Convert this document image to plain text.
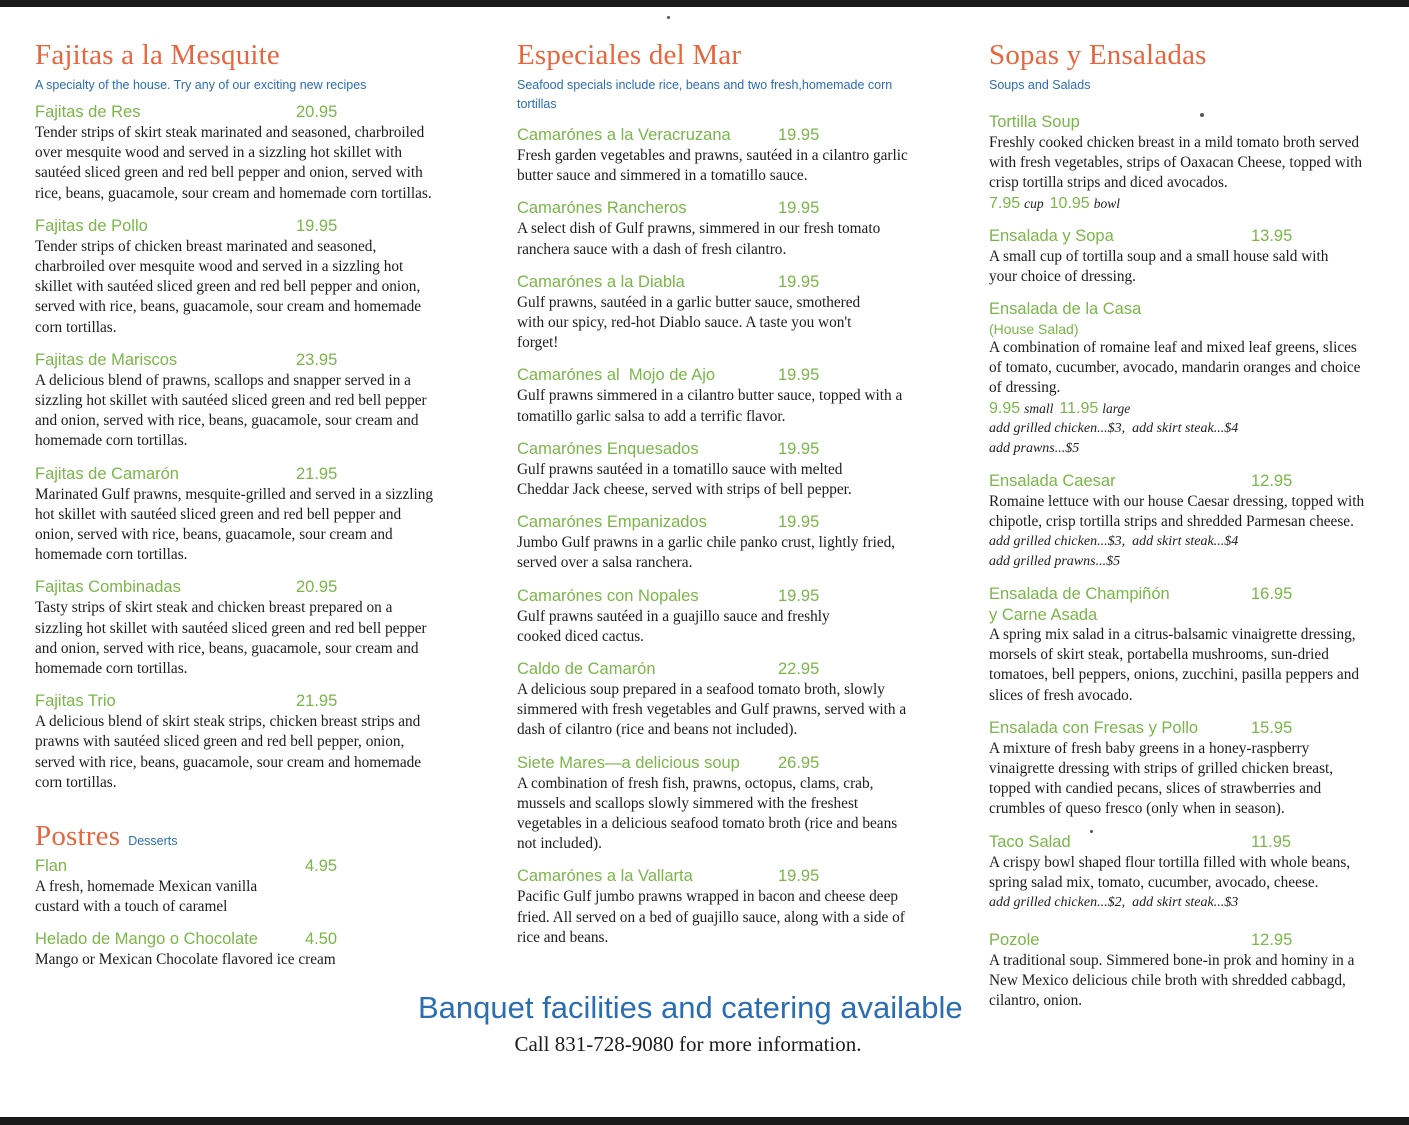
Fajitas a la Mesquite
A specialty of the house. Try any of our exciting new recipes
Fajitas de Res	20.95
Tender strips of skirt steak marinated and seasoned, charbroiled over mesquite wood and served in a sizzling hot skillet with sautéed sliced green and red bell pepper and onion, served with rice, beans, guacamole, sour cream and homemade corn tortillas.
Fajitas de Pollo	19.95
Tender strips of chicken breast marinated and seasoned, charbroiled over mesquite wood and served in a sizzling hot skillet with sautéed sliced green and red bell pepper and onion, served with rice, beans, guacamole, sour cream and homemade corn tortillas.
Fajitas de Mariscos	23.95
A delicious blend of prawns, scallops and snapper served in a sizzling hot skillet with sautéed sliced green and red bell pepper and onion, served with rice, beans, guacamole, sour cream and homemade corn tortillas.
Fajitas de Camarón	21.95
Marinated Gulf prawns, mesquite-grilled and served in a sizzling hot skillet with sautéed sliced green and red bell pepper and onion, served with rice, beans, guacamole, sour cream and homemade corn tortillas.
Fajitas Combinadas	20.95
Tasty strips of skirt steak and chicken breast prepared on a sizzling hot skillet with sautéed sliced green and red bell pepper and onion, served with rice, beans, guacamole, sour cream and homemade corn tortillas.
Fajitas Trio	21.95
A delicious blend of skirt steak strips, chicken breast strips and prawns with sautéed sliced green and red bell pepper, onion, served with rice, beans, guacamole, sour cream and homemade corn tortillas.
Postres Desserts
Flan	4.95
A fresh, homemade Mexican vanilla custard with a touch of caramel
Helado de Mango o Chocolate	4.50
Mango or Mexican Chocolate flavored ice cream
Especiales del Mar
Seafood specials include rice, beans and two fresh,homemade corn tortillas
Camarónes a la Veracruzana	19.95
Fresh garden vegetables and prawns, sautéed in a cilantro garlic butter sauce and simmered in a tomatillo sauce.
Camarónes Rancheros	19.95
A select dish of Gulf prawns, simmered in our fresh tomato ranchera sauce with a dash of fresh cilantro.
Camarónes a la Diabla	19.95
Gulf prawns, sautéed in a garlic butter sauce, smothered with our spicy, red-hot Diablo sauce. A taste you won't forget!
Camarónes al  Mojo de Ajo	19.95
Gulf prawns simmered in a cilantro butter sauce, topped with a tomatillo garlic salsa to add a terrific flavor.
Camarónes Enquesados	19.95
Gulf prawns sautéed in a tomatillo sauce with melted Cheddar Jack cheese, served with strips of bell pepper.
Camarónes Empanizados	19.95
Jumbo Gulf prawns in a garlic chile panko crust, lightly fried, served over a salsa ranchera.
Camarónes con Nopales	19.95
Gulf prawns sautéed in a guajillo sauce and freshly cooked diced cactus.
Caldo de Camarón	22.95
A delicious soup prepared in a seafood tomato broth, slowly simmered with fresh vegetables and Gulf prawns, served with a dash of cilantro (rice and beans not included).
Siete Mares—a delicious soup 26.95
A combination of fresh fish, prawns, octopus, clams, crab, mussels and scallops slowly simmered with the freshest vegetables in a delicious seafood tomato broth (rice and beans not included).
Camarónes a la Vallarta	19.95
Pacific Gulf jumbo prawns wrapped in bacon and cheese deep fried. All served on a bed of guajillo sauce, along with a side of rice and beans.
Banquet facilities and catering available
Call 831-728-9080 for more information.
Sopas y Ensaladas
Soups and Salads
Tortilla Soup
Freshly cooked chicken breast in a mild tomato broth served with fresh vegetables, strips of Oaxacan Cheese, topped with crisp tortilla strips and diced avocados.
7.95 cup 10.95 bowl
Ensalada y Sopa	13.95
A small cup of tortilla soup and a small house sald with your choice of dressing.
Ensalada de la Casa
(House Salad)
A combination of romaine leaf and mixed leaf greens, slices of tomato, cucumber, avocado, mandarin oranges and choice of dressing.
9.95 small 11.95 large
add grilled chicken...$3,  add skirt steak...$4
add prawns...$5
Ensalada Caesar	12.95
Romaine lettuce with our house Caesar dressing, topped with chipotle, crisp tortilla strips and shredded Parmesan cheese.
add grilled chicken...$3,  add skirt steak...$4
add grilled prawns...$5
Ensalada de Champiñón	16.95
y Carne Asada
A spring mix salad in a citrus-balsamic vinaigrette dressing, morsels of skirt steak, portabella mushrooms, sun-dried tomatoes, bell peppers, onions, zucchini, pasilla peppers and slices of fresh avocado.
Ensalada con Fresas y Pollo	15.95
A mixture of fresh baby greens in a honey-raspberry vinaigrette dressing with strips of grilled chicken breast, topped with candied pecans, slices of strawberries and crumbles of queso fresco (only when in season).
Taco Salad	11.95
A crispy bowl shaped flour tortilla filled with whole beans, spring salad mix, tomato, cucumber, avocado, cheese.
add grilled chicken...$2,  add skirt steak...$3
Pozole	12.95
A traditional soup. Simmered bone-in prok and hominy in a New Mexico delicious chile broth with shredded cabbagd, cilantro, onion.
